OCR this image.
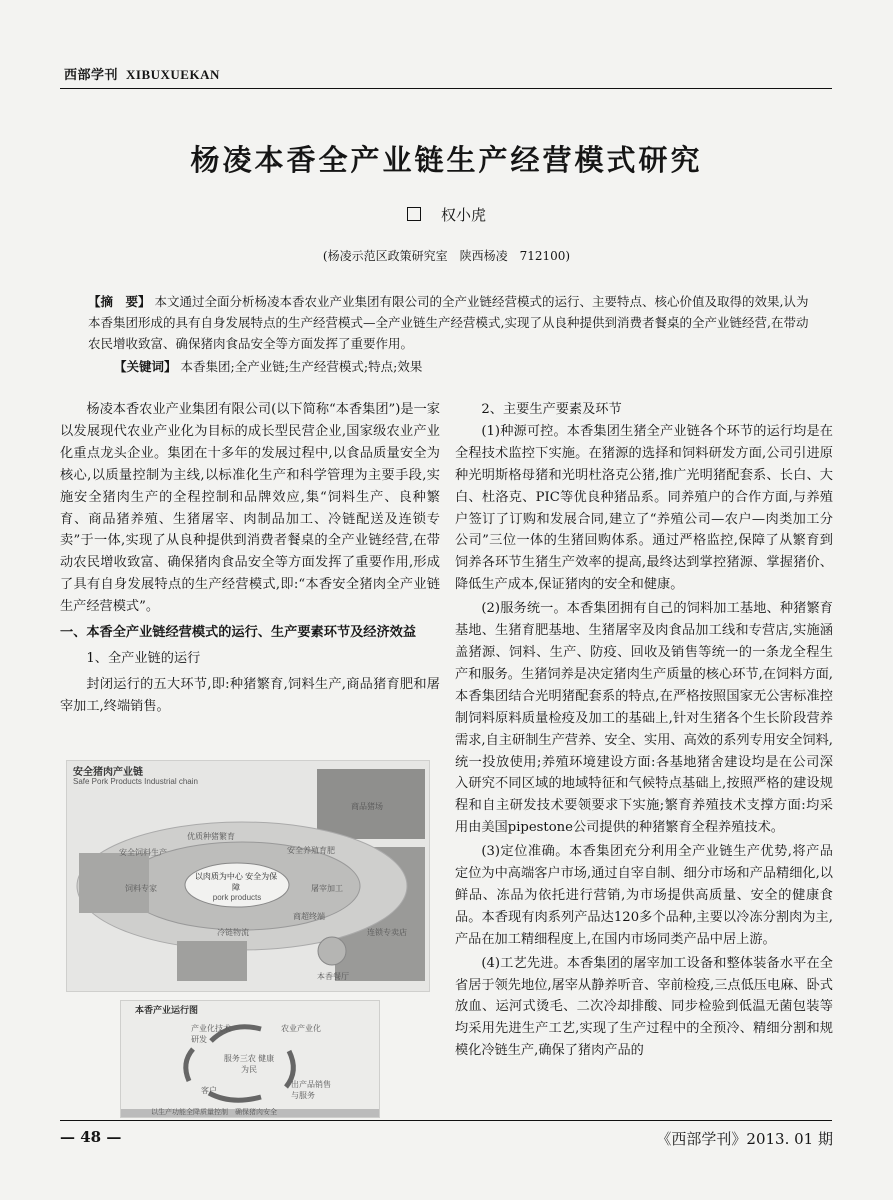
西部学刊 XIBUXUEKAN
杨凌本香全产业链生产经营模式研究
权小虎
(杨凌示范区政策研究室　陕西杨凌　712100)
【摘　要】 本文通过全面分析杨凌本香农业产业集团有限公司的全产业链经营模式的运行、主要特点、核心价值及取得的效果,认为本香集团形成的具有自身发展特点的生产经营模式—全产业链生产经营模式,实现了从良种提供到消费者餐桌的全产业链经营,在带动农民增收致富、确保猪肉食品安全等方面发挥了重要作用。
【关键词】 本香集团;全产业链;生产经营模式;特点;效果

杨凌本香农业产业集团有限公司(以下简称“本香集团”)是一家以发展现代农业产业化为目标的成长型民营企业,国家级农业产业化重点龙头企业。集团在十多年的发展过程中,以食品质量安全为核心,以质量控制为主线,以标准化生产和科学管理为主要手段,实施安全猪肉生产的全程控制和品牌效应,集“饲料生产、良种繁育、商品猪养殖、生猪屠宰、肉制品加工、冷链配送及连锁专卖”于一体,实现了从良种提供到消费者餐桌的全产业链经营,在带动农民增收致富、确保猪肉食品安全等方面发挥了重要作用,形成了具有自身发展特点的生产经营模式,即:“本香安全猪肉全产业链生产经营模式”。

一、本香全产业链经营模式的运行、生产要素环节及经济效益

1、全产业链的运行

封闭运行的五大环节,即:种猪繁育,饲料生产,商品猪育肥和屠宰加工,终端销售。

安全猪肉产业链
Safe Pork Products Industrial chain
以肉质为中心 安全为保障
pork products
优质种猪繁育
安全饲料生产
饲料专家
冷链物流
屠宰加工
安全养殖育肥
商超终端
连锁专卖店
商品猪场
本香餐厅
本香产业运行图
服务三农 健康为民
产业化技术研发
农业产业化
出产品销售与服务
客户
以生产功能全降质量控制　确保猪肉安全

2、主要生产要素及环节

(1)种源可控。本香集团生猪全产业链各个环节的运行均是在全程技术监控下实施。在猪源的选择和饲料研发方面,公司引进原种光明斯格母猪和光明杜洛克公猪,推广光明猪配套系、长白、大白、杜洛克、PIC等优良种猪品系。同养殖户的合作方面,与养殖户签订了订购和发展合同,建立了“养殖公司—农户—肉类加工分公司”三位一体的生猪回购体系。通过严格监控,保障了从繁育到饲养各环节生猪生产效率的提高,最终达到掌控猪源、掌握猪价、降低生产成本,保证猪肉的安全和健康。

(2)服务统一。本香集团拥有自己的饲料加工基地、种猪繁育基地、生猪育肥基地、生猪屠宰及肉食品加工线和专营店,实施涵盖猪源、饲料、生产、防疫、回收及销售等统一的一条龙全程生产和服务。生猪饲养是决定猪肉生产质量的核心环节,在饲料方面,本香集团结合光明猪配套系的特点,在严格按照国家无公害标准控制饲料原料质量检疫及加工的基础上,针对生猪各个生长阶段营养需求,自主研制生产营养、安全、实用、高效的系列专用安全饲料,统一投放使用;养殖环境建设方面:各基地猪舍建设均是在公司深入研究不同区域的地域特征和气候特点基础上,按照严格的建设规程和自主研发技术要领要求下实施;繁育养殖技术支撑方面:均采用由美国pipestone公司提供的种猪繁育全程养殖技术。

(3)定位准确。本香集团充分利用全产业链生产优势,将产品定位为中高端客户市场,通过自宰自制、细分市场和产品精细化,以鲜品、冻品为依托进行营销,为市场提供高质量、安全的健康食品。本香现有肉系列产品达120多个品种,主要以冷冻分割肉为主,产品在加工精细程度上,在国内市场同类产品中居上游。

(4)工艺先进。本香集团的屠宰加工设备和整体装备水平在全省居于领先地位,屠宰从静养听音、宰前检疫,三点低压电麻、卧式放血、运河式烫毛、二次冷却排酸、同步检验到低温无菌包装等均采用先进生产工艺,实现了生产过程中的全预冷、精细分割和规模化冷链生产,确保了猪肉产品的

— 48 —	《西部学刊》2013. 01 期
